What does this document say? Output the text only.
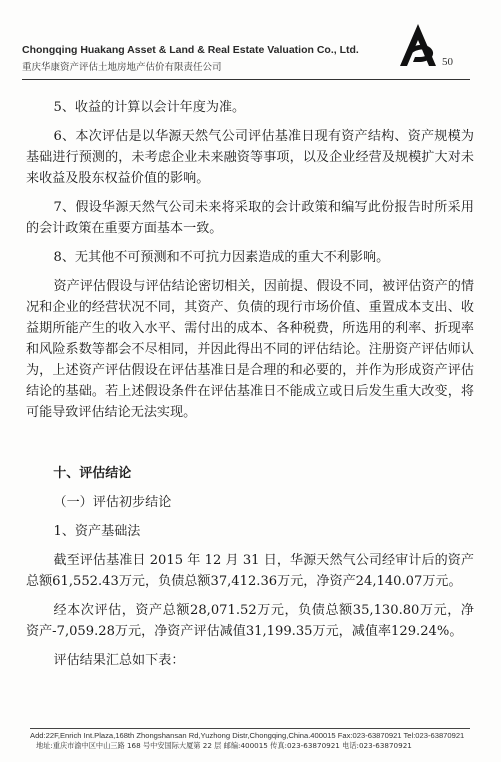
Chongqing Huakang Asset & Land & Real Estate Valuation Co., Ltd.
重庆华康资产评估土地房地产估价有限责任公司	50

5、收益的计算以会计年度为准。

6、本次评估是以华源天然气公司评估基准日现有资产结构、资产规模为基础进行预测的，未考虑企业未来融资等事项，以及企业经营及规模扩大对未来收益及股东权益价值的影响。

7、假设华源天然气公司未来将采取的会计政策和编写此份报告时所采用的会计政策在重要方面基本一致。

8、无其他不可预测和不可抗力因素造成的重大不利影响。

资产评估假设与评估结论密切相关，因前提、假设不同，被评估资产的情况和企业的经营状况不同，其资产、负债的现行市场价值、重置成本支出、收益期所能产生的收入水平、需付出的成本、各种税费，所选用的利率、折现率和风险系数等都会不尽相同，并因此得出不同的评估结论。注册资产评估师认为，上述资产评估假设在评估基准日是合理的和必要的，并作为形成资产评估结论的基础。若上述假设条件在评估基准日不能成立或日后发生重大改变，将可能导致评估结论无法实现。

十、评估结论

（一）评估初步结论

1、资产基础法

截至评估基准日 2015 年 12 月 31 日，华源天然气公司经审计后的资产总额61,552.43万元，负债总额37,412.36万元，净资产24,140.07万元。

经本次评估，资产总额28,071.52万元，负债总额35,130.80万元，净资产-7,059.28万元，净资产评估减值31,199.35万元，减值率129.24%。

评估结果汇总如下表：

Add:22F,Enrich Int.Plaza,168th Zhongshansan Rd,Yuzhong Distr,Chongqing,China.400015 Fax:023-63870921 Tel:023-63870921
地址:重庆市渝中区中山三路 168 号中安国际大厦第 22 层 邮编:400015 传真:023-63870921 电话:023-63870921
